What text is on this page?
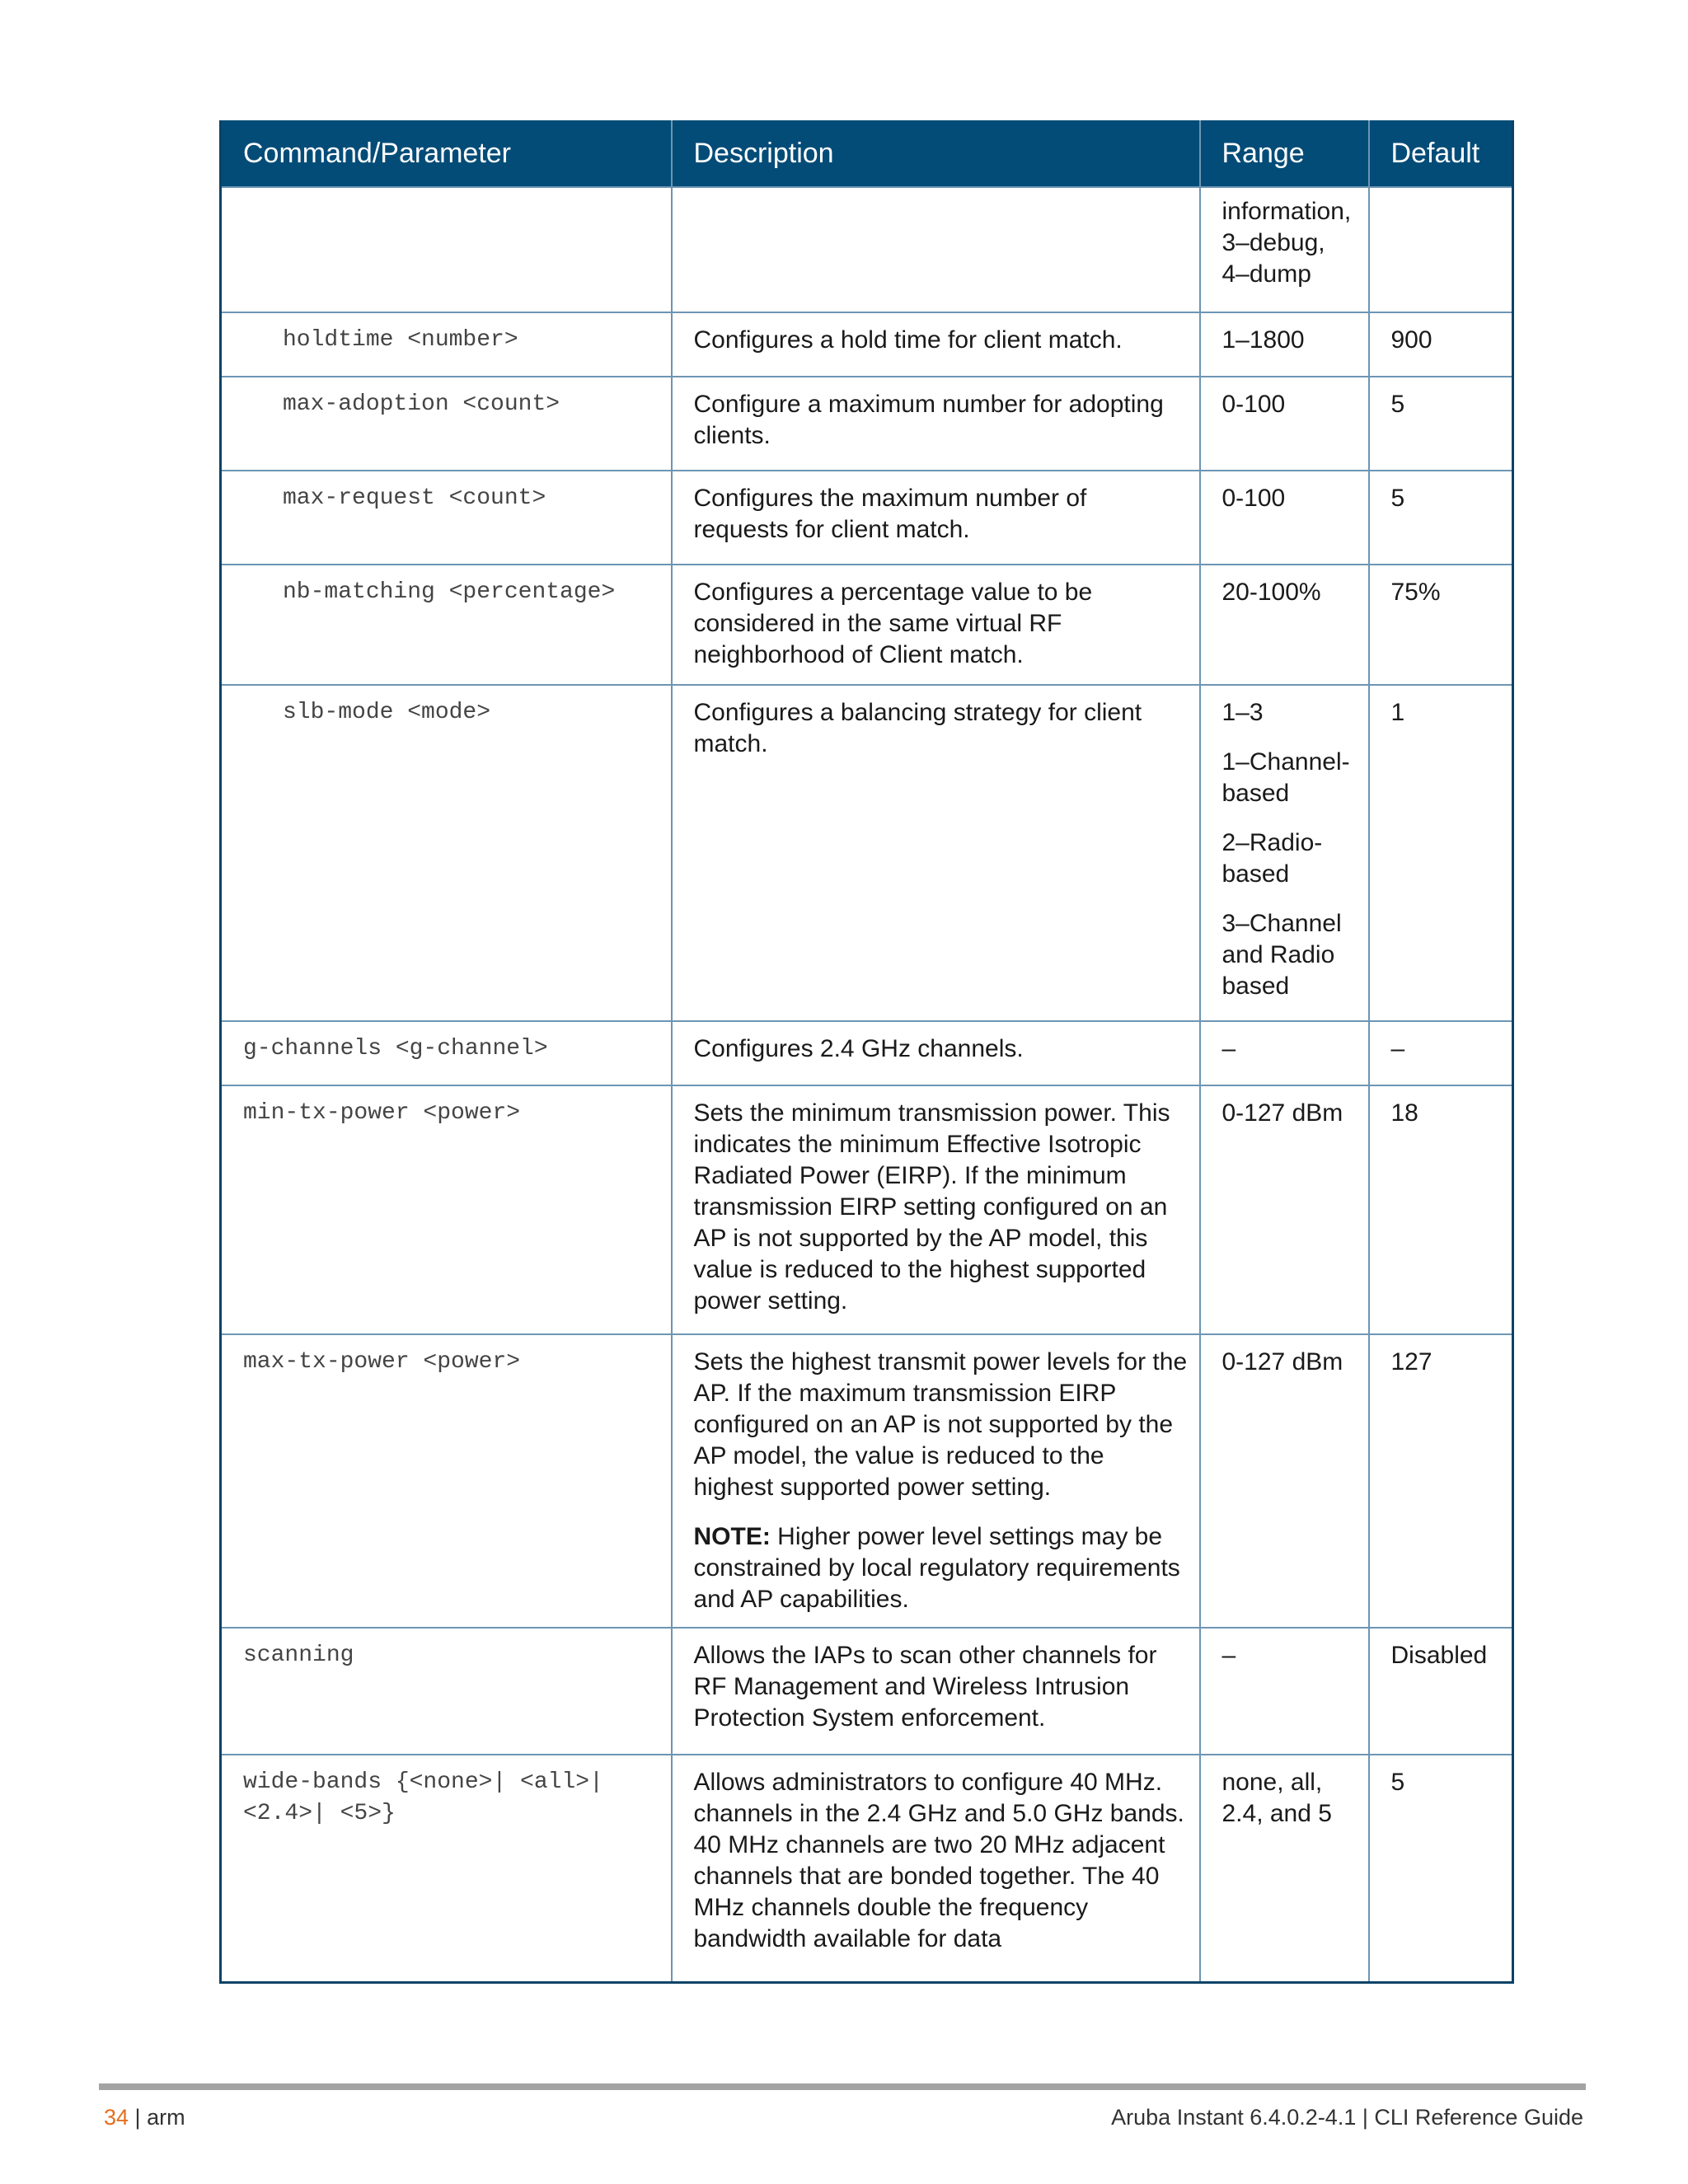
Command/Parameter	Description	Range	Default

		information,
3–debug,
4–dump	

holdtime <number>	Configures a hold time for client match.	1–1800	900

max-adoption <count>	Configure a maximum number for adopting clients.	0-100	5

max-request <count>	Configures the maximum number of requests for client match.	0-100	5

nb-matching <percentage>	Configures a percentage value to be considered in the same virtual RF neighborhood of Client match.	20-100%	75%

slb-mode <mode>	Configures a balancing strategy for client match.	1–3
1–Channel-based
2–Radio-based
3–Channel and Radio based	1

g-channels <g-channel>	Configures 2.4 GHz channels.	–	–

min-tx-power <power>	Sets the minimum transmission power. This indicates the minimum Effective Isotropic Radiated Power (EIRP). If the minimum transmission EIRP setting configured on an AP is not supported by the AP model, this value is reduced to the highest supported power setting.	0-127 dBm	18

max-tx-power <power>	Sets the highest transmit power levels for the AP. If the maximum transmission EIRP configured on an AP is not supported by the AP model, the value is reduced to the highest supported power setting.
NOTE: Higher power level settings may be constrained by local regulatory requirements and AP capabilities.	0-127 dBm	127

scanning	Allows the IAPs to scan other channels for RF Management and Wireless Intrusion Protection System enforcement.	–	Disabled

wide-bands {<none>| <all>|
<2.4>| <5>}	Allows administrators to configure 40 MHz. channels in the 2.4 GHz and 5.0 GHz bands. 40 MHz channels are two 20 MHz adjacent channels that are bonded together. The 40 MHz channels double the frequency bandwidth available for data	none, all, 2.4, and 5	5
34 | arm	Aruba Instant 6.4.0.2-4.1 | CLI Reference Guide
